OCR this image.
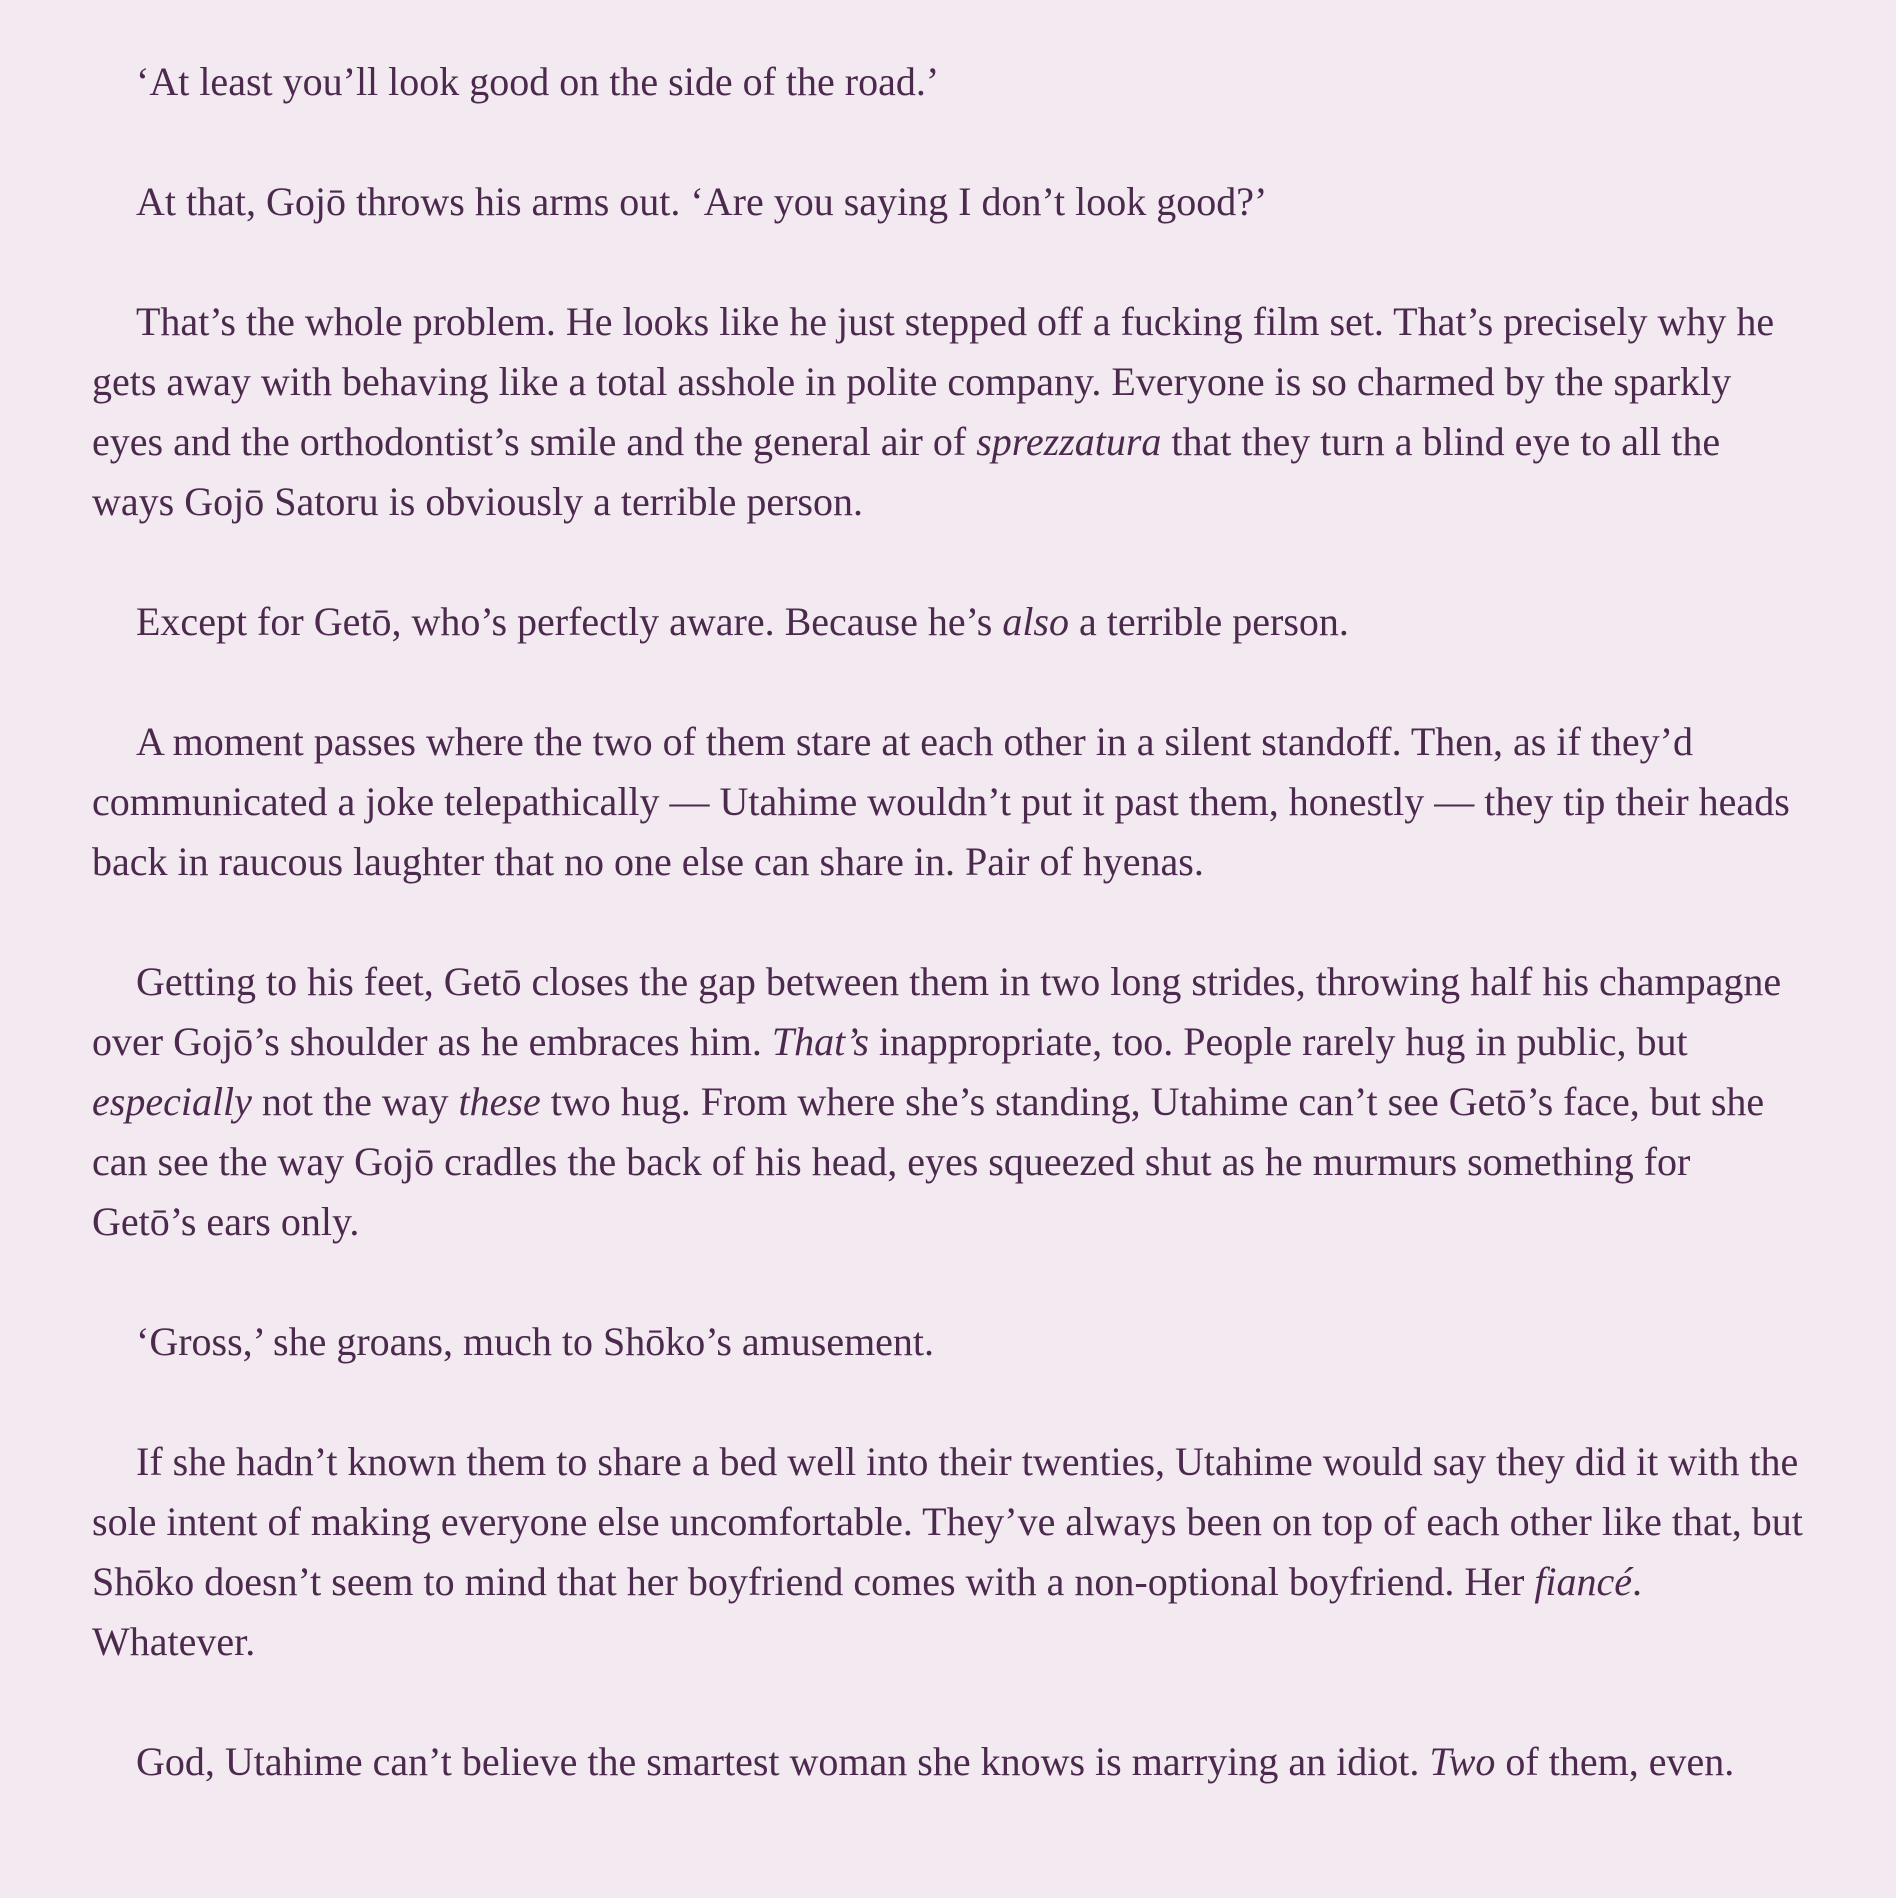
‘At least you’ll look good on the side of the road.’

At that, Gojō throws his arms out. ‘Are you saying I don’t look good?’

That’s the whole problem. He looks like he just stepped off a fucking film set. That’s precisely why he gets away with behaving like a total asshole in polite company. Everyone is so charmed by the sparkly eyes and the orthodontist’s smile and the general air of sprezzatura that they turn a blind eye to all the ways Gojō Satoru is obviously a terrible person.

Except for Getō, who’s perfectly aware. Because he’s also a terrible person.

A moment passes where the two of them stare at each other in a silent standoff. Then, as if they’d communicated a joke telepathically — Utahime wouldn’t put it past them, honestly — they tip their heads back in raucous laughter that no one else can share in. Pair of hyenas.

Getting to his feet, Getō closes the gap between them in two long strides, throwing half his champagne over Gojō’s shoulder as he embraces him. That’s inappropriate, too. People rarely hug in public, but especially not the way these two hug. From where she’s standing, Utahime can’t see Getō’s face, but she can see the way Gojō cradles the back of his head, eyes squeezed shut as he murmurs something for Getō’s ears only.

‘Gross,’ she groans, much to Shōko’s amusement.

If she hadn’t known them to share a bed well into their twenties, Utahime would say they did it with the sole intent of making everyone else uncomfortable. They’ve always been on top of each other like that, but Shōko doesn’t seem to mind that her boyfriend comes with a non-optional boyfriend. Her fiancé. Whatever.

God, Utahime can’t believe the smartest woman she knows is marrying an idiot. Two of them, even.
